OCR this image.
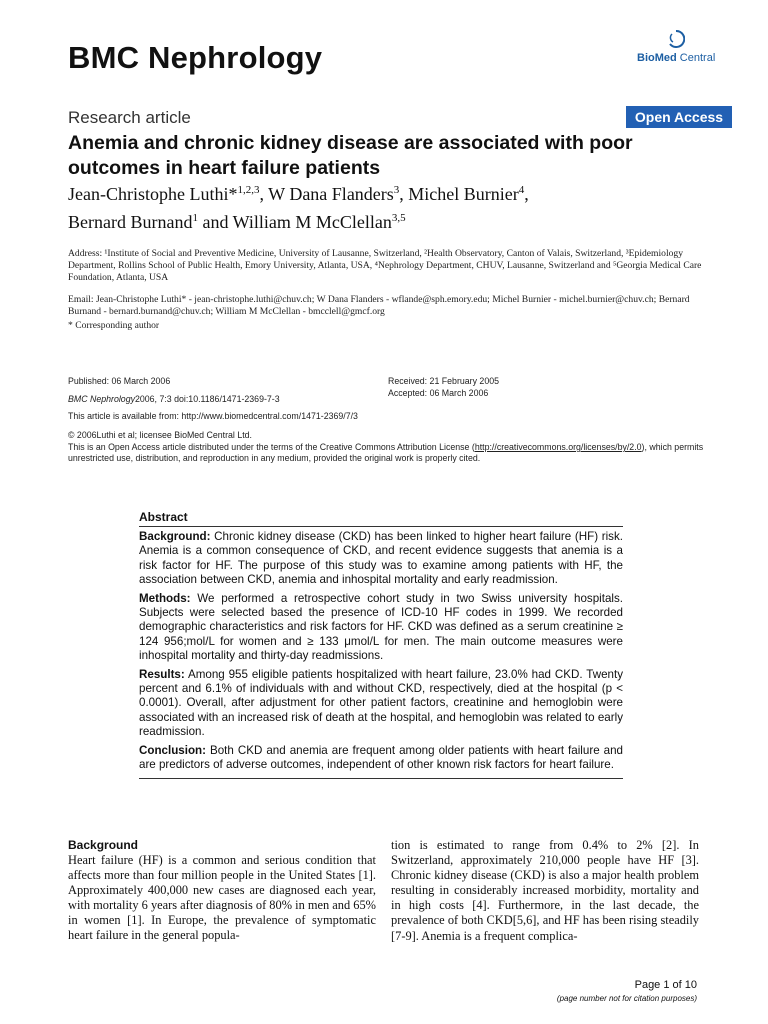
BMC Nephrology	BioMed Central
Research article	Open Access
Anemia and chronic kidney disease are associated with poor outcomes in heart failure patients
Jean-Christophe Luthi*$^{1,2,3}$, W Dana Flanders$^3$, Michel Burnier$^4$,
Bernard Burnand$^1$ and William M McClellan$^{3,5}$
Address: ¹Institute of Social and Preventive Medicine, University of Lausanne, Switzerland, ²Health Observatory, Canton of Valais, Switzerland, ³Epidemiology Department, Rollins School of Public Health, Emory University, Atlanta, USA, ⁴Nephrology Department, CHUV, Lausanne, Switzerland and ⁵Georgia Medical Care Foundation, Atlanta, USA
Email: Jean-Christophe Luthi* - jean-christophe.luthi@chuv.ch; W Dana Flanders - wflande@sph.emory.edu; Michel Burnier - michel.burnier@chuv.ch; Bernard Burnand - bernard.burnand@chuv.ch; William M McClellan - bmcclell@gmcf.org
* Corresponding author
Published: 06 March 2006
BMC Nephrology2006, 7:3 doi:10.1186/1471-2369-7-3
This article is available from: http://www.biomedcentral.com/1471-2369/7/3
Received: 21 February 2005
Accepted: 06 March 2006
© 2006Luthi et al; licensee BioMed Central Ltd.
This is an Open Access article distributed under the terms of the Creative Commons Attribution License (http://creativecommons.org/licenses/by/2.0), which permits unrestricted use, distribution, and reproduction in any medium, provided the original work is properly cited.
Abstract

Background: Chronic kidney disease (CKD) has been linked to higher heart failure (HF) risk. Anemia is a common consequence of CKD, and recent evidence suggests that anemia is a risk factor for HF. The purpose of this study was to examine among patients with HF, the association between CKD, anemia and inhospital mortality and early readmission.

Methods: We performed a retrospective cohort study in two Swiss university hospitals. Subjects were selected based the presence of ICD-10 HF codes in 1999. We recorded demographic characteristics and risk factors for HF. CKD was defined as a serum creatinine ≥ 124 956;mol/L for women and ≥ 133 μmol/L for men. The main outcome measures were inhospital mortality and thirty-day readmissions.

Results: Among 955 eligible patients hospitalized with heart failure, 23.0% had CKD. Twenty percent and 6.1% of individuals with and without CKD, respectively, died at the hospital (p < 0.0001). Overall, after adjustment for other patient factors, creatinine and hemoglobin were associated with an increased risk of death at the hospital, and hemoglobin was related to early readmission.

Conclusion: Both CKD and anemia are frequent among older patients with heart failure and are predictors of adverse outcomes, independent of other known risk factors for heart failure.

Background

Heart failure (HF) is a common and serious condition that affects more than four million people in the United States [1]. Approximately 400,000 new cases are diagnosed each year, with mortality 6 years after diagnosis of 80% in men and 65% in women [1]. In Europe, the prevalence of symptomatic heart failure in the general popula-

tion is estimated to range from 0.4% to 2% [2]. In Switzerland, approximately 210,000 people have HF [3]. Chronic kidney disease (CKD) is also a major health problem resulting in considerably increased morbidity, mortality and in high costs [4]. Furthermore, in the last decade, the prevalence of both CKD[5,6], and HF has been rising steadily [7-9]. Anemia is a frequent complica-

Page 1 of 10
(page number not for citation purposes)
